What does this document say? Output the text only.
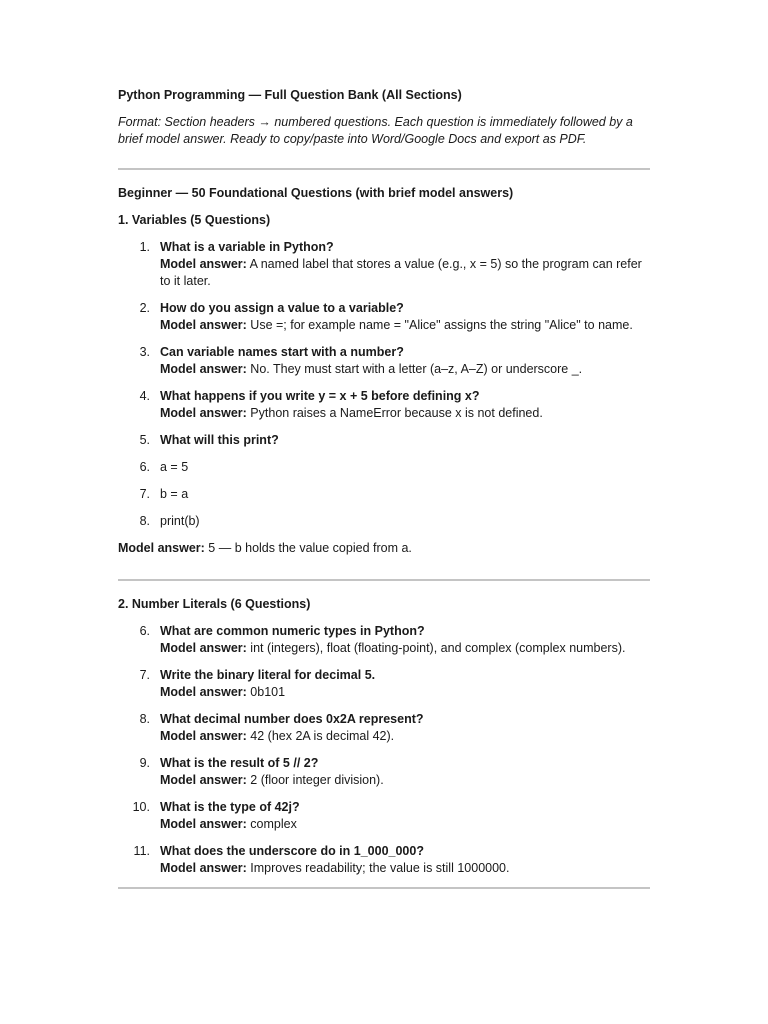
Python Programming — Full Question Bank (All Sections)
Format: Section headers → numbered questions. Each question is immediately followed by a brief model answer. Ready to copy/paste into Word/Google Docs and export as PDF.
Beginner — 50 Foundational Questions (with brief model answers)
1. Variables (5 Questions)
1. What is a variable in Python?
Model answer: A named label that stores a value (e.g., x = 5) so the program can refer to it later.
2. How do you assign a value to a variable?
Model answer: Use =; for example name = "Alice" assigns the string "Alice" to name.
3. Can variable names start with a number?
Model answer: No. They must start with a letter (a–z, A–Z) or underscore _.
4. What happens if you write y = x + 5 before defining x?
Model answer: Python raises a NameError because x is not defined.
5. What will this print?
6. a = 5
7. b = a
8. print(b)
Model answer: 5 — b holds the value copied from a.
2. Number Literals (6 Questions)
6. What are common numeric types in Python?
Model answer: int (integers), float (floating-point), and complex (complex numbers).
7. Write the binary literal for decimal 5.
Model answer: 0b101
8. What decimal number does 0x2A represent?
Model answer: 42 (hex 2A is decimal 42).
9. What is the result of 5 // 2?
Model answer: 2 (floor integer division).
10. What is the type of 42j?
Model answer: complex
11. What does the underscore do in 1_000_000?
Model answer: Improves readability; the value is still 1000000.
